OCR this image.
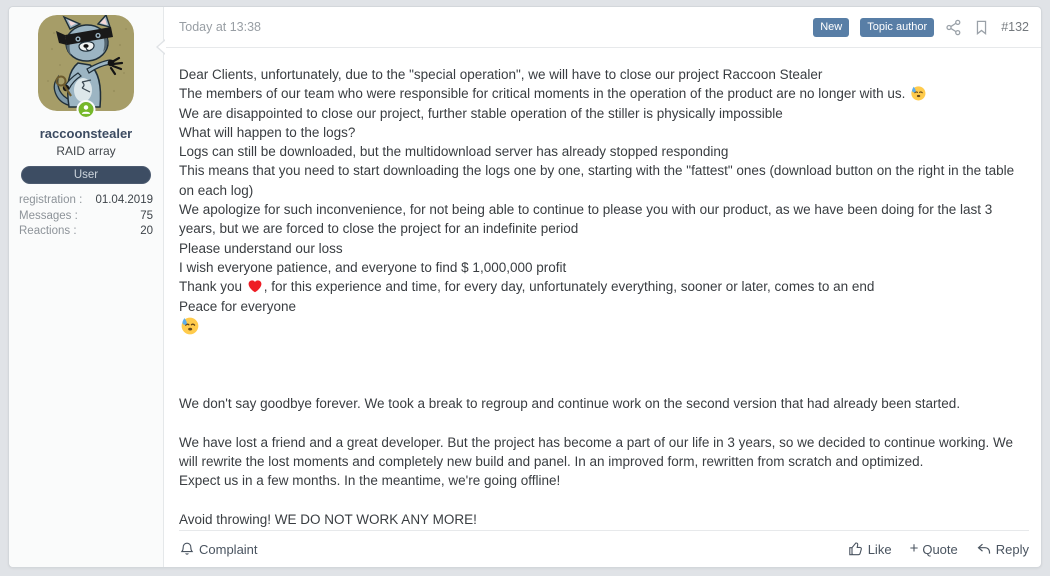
raccoonstealer
RAID array
User
registration : 01.04.2019
Messages :	75
Reactions :	20
Today at 13:38	New	Topic author	#132
Dear Clients, unfortunately, due to the "special operation", we will have to close our project Raccoon Stealer
The members of our team who were responsible for critical moments in the operation of the product are no longer with us.
We are disappointed to close our project, further stable operation of the stiller is physically impossible
What will happen to the logs?
Logs can still be downloaded, but the multidownload server has already stopped responding
This means that you need to start downloading the logs one by one, starting with the "fattest" ones (download button on the right in the table on each log)
We apologize for such inconvenience, for not being able to continue to please you with our product, as we have been doing for the last 3 years, but we are forced to close the project for an indefinite period
Please understand our loss
I wish everyone patience, and everyone to find $ 1,000,000 profit
Thank you
, for this experience and time, for every day, unfortunately everything, sooner or later, comes to an end
Peace for everyone

We don't say goodbye forever. We took a break to regroup and continue work on the second version that had already been started.

We have lost a friend and a great developer. But the project has become a part of our life in 3 years, so we decided to continue working. We will rewrite the lost moments and completely new build and panel. In an improved form, rewritten from scratch and optimized.
Expect us in a few months. In the meantime, we're going offline!

Avoid throwing! WE DO NOT WORK ANY MORE!
Complaint	Like + Quote	Reply
